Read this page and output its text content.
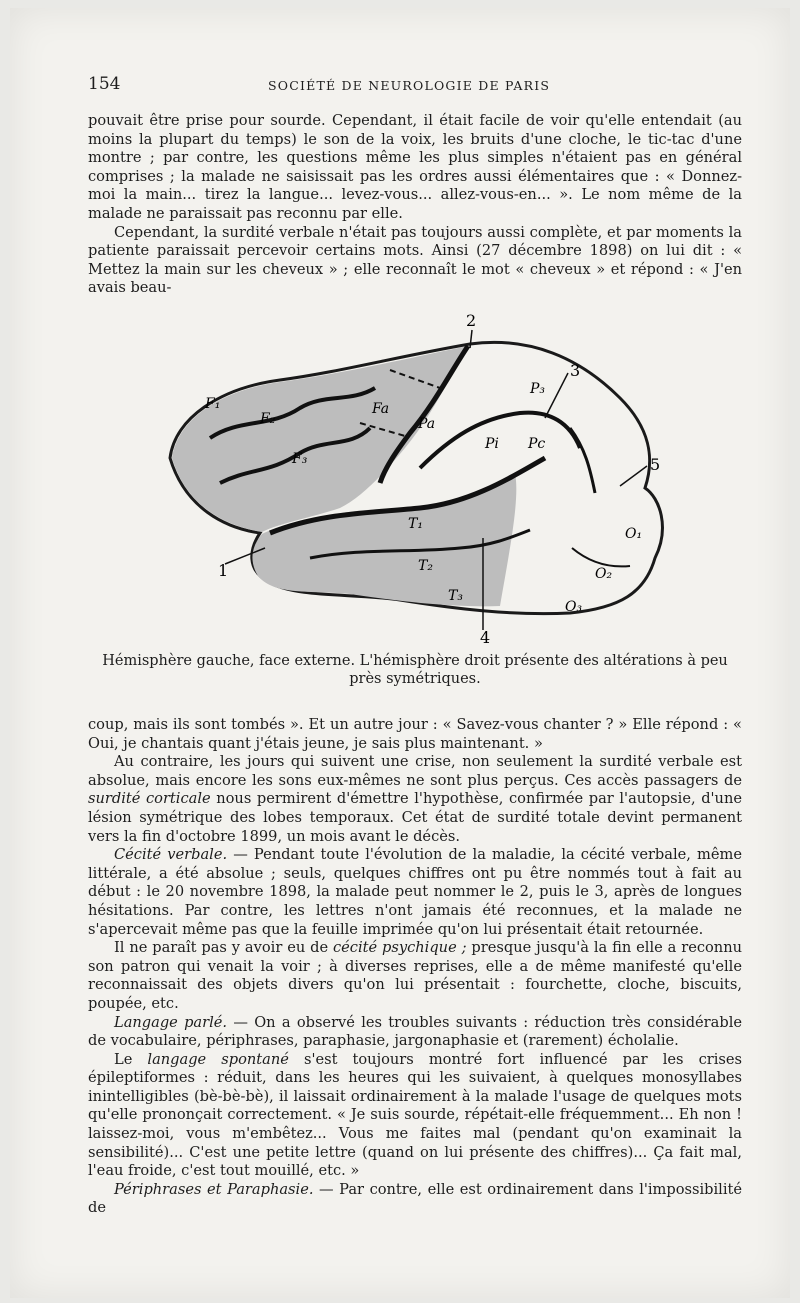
154	SOCIÉTÉ DE NEUROLOGIE DE PARIS

pouvait être prise pour sourde. Cependant, il était facile de voir qu'elle entendait (au moins la plupart du temps) le son de la voix, les bruits d'une cloche, le tic-tac d'une montre ; par contre, les questions même les plus simples n'étaient pas en général comprises ; la malade ne saisissait pas les ordres aussi élémentaires que : « Donnez-moi la main... tirez la langue... levez-vous... allez-vous-en... ». Le nom même de la malade ne paraissait pas reconnu par elle.

Cependant, la surdité verbale n'était pas toujours aussi complète, et par moments la patiente paraissait percevoir certains mots. Ainsi (27 décembre 1898) on lui dit : « Mettez la main sur les cheveux » ; elle reconnaît le mot « cheveux » et répond : « J'en avais beau-

F₁
F₂
F₃
Fa
Pa
Pi Pc
P₃
T₁
T₂
T₃
O₁
O₂
O₃
1
2
3
4
5
Hémisphère gauche, face externe. L'hémisphère droit présente des altérations à peu près symétriques.

coup, mais ils sont tombés ». Et un autre jour : « Savez-vous chanter ? » Elle répond : « Oui, je chantais quant j'étais jeune, je sais plus maintenant. »

Au contraire, les jours qui suivent une crise, non seulement la surdité verbale est absolue, mais encore les sons eux-mêmes ne sont plus perçus. Ces accès passagers de surdité corticale nous permirent d'émettre l'hypothèse, confirmée par l'autopsie, d'une lésion symétrique des lobes temporaux. Cet état de surdité totale devint permanent vers la fin d'octobre 1899, un mois avant le décès.

Cécité verbale. — Pendant toute l'évolution de la maladie, la cécité verbale, même littérale, a été absolue ; seuls, quelques chiffres ont pu être nommés tout à fait au début : le 20 novembre 1898, la malade peut nommer le 2, puis le 3, après de longues hésitations. Par contre, les lettres n'ont jamais été reconnues, et la malade ne s'apercevait même pas que la feuille imprimée qu'on lui présentait était retournée.

Il ne paraît pas y avoir eu de cécité psychique ; presque jusqu'à la fin elle a reconnu son patron qui venait la voir ; à diverses reprises, elle a de même manifesté qu'elle reconnaissait des objets divers qu'on lui présentait : fourchette, cloche, biscuits, poupée, etc.

Langage parlé. — On a observé les troubles suivants : réduction très considérable de vocabulaire, périphrases, paraphasie, jargonaphasie et (rarement) écholalie.

Le langage spontané s'est toujours montré fort influencé par les crises épileptiformes : réduit, dans les heures qui les suivaient, à quelques monosyllabes inintelligibles (bè-bè-bè), il laissait ordinairement à la malade l'usage de quelques mots qu'elle prononçait correctement. « Je suis sourde, répétait-elle fréquemment... Eh non ! laissez-moi, vous m'embêtez... Vous me faites mal (pendant qu'on examinait la sensibilité)... C'est une petite lettre (quand on lui présente des chiffres)... Ça fait mal, l'eau froide, c'est tout mouillé, etc. »

Périphrases et Paraphasie. — Par contre, elle est ordinairement dans l'impossibilité de
